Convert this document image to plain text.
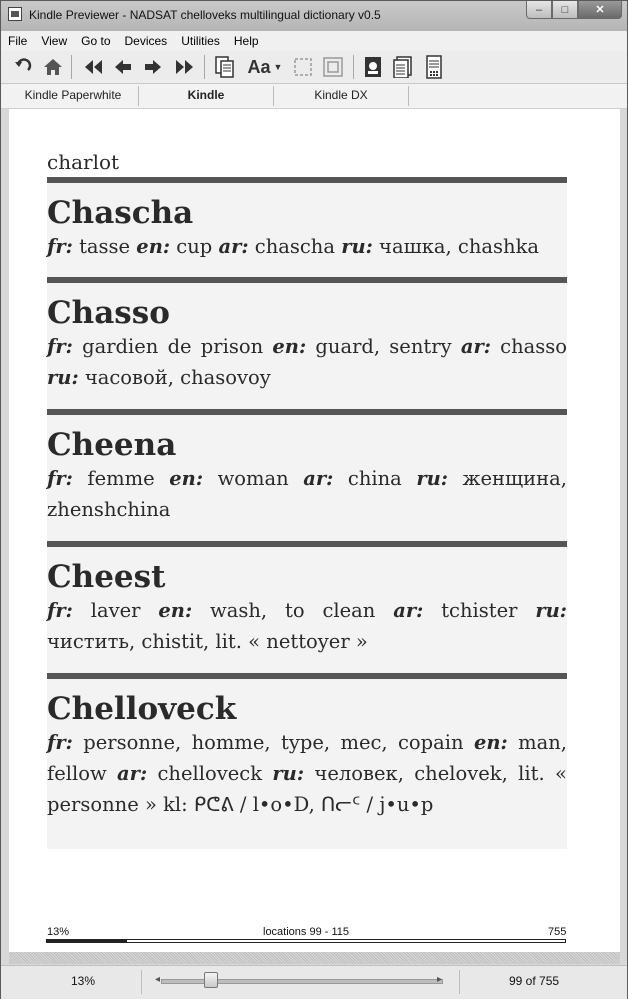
Kindle Previewer - NADSAT chelloveks multilingual dictionary v0.5	–	□	✕
File	View	Go to	Devices	Utilities	Help
Aa ▼
Kindle Paperwhite	Kindle	Kindle DX
charlot
Chascha
fr: tasse en: cup ar: chascha ru: чашка, chashka
Chasso
fr: gardien de prison en: guard, sentry ar: chasso ru: часовой, chasovoy
Cheena
fr: femme en: woman ar: china ru: женщина, zhenshchina
Cheest
fr: laver en: wash, to clean ar: tchister ru: чистить, chistit, lit. « nettoyer »
Chelloveck
fr: personne, homme, type, mec, copain en: man, fellow ar: chelloveck ru: человек, chelovek, lit. « personne » kl: ᑭᕦᕕ / l•o•D, ᑎᓕᑦ / j•u•p
13%	locations 99 - 115	755
13%	◂	▸	99 of 755
